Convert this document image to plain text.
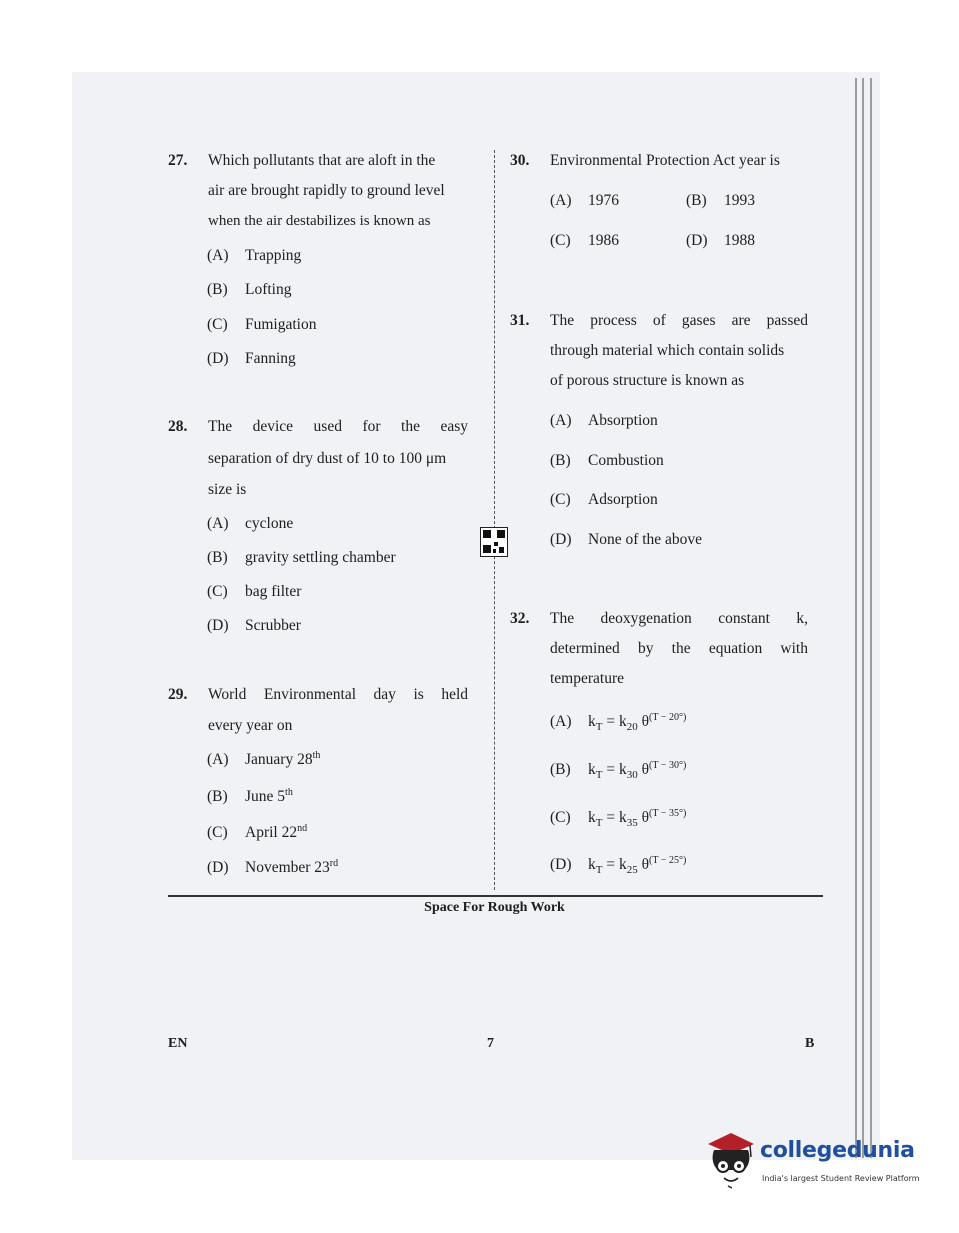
27. Which pollutants that are aloft in the
air are brought rapidly to ground level
when the air destabilizes is known as
(A) Trapping
(B) Lofting
(C) Fumigation
(D) Fanning
28. The device used for the easy
separation of dry dust of 10 to 100 μm
size is
(A) cyclone
(B) gravity settling chamber
(C) bag filter
(D) Scrubber
29. World Environmental day is held
every year on
(A) January 28th
(B) June 5th
(C) April 22nd
(D) November 23rd
30. Environmental Protection Act year is
(A) 1976	(B) 1993
(C) 1986	(D) 1988
31. The process of gases are passed
through material which contain solids
of porous structure is known as
(A) Absorption
(B) Combustion
(C) Adsorption
(D) None of the above
32. The deoxygenation constant k,
determined by the equation with
temperature
(A) $k_T = k_{20}$ $\theta^{(T - 20^\circ)}$
(B) $k_T = k_{30}$ $\theta^{(T - 30^\circ)}$
(C) $k_T = k_{35}$ $\theta^{(T - 35^\circ)}$
(D) $k_T = k_{25}$ $\theta^{(T - 25^\circ)}$
Space For Rough Work
EN	7	B
collegedunia
India's largest Student Review Platform
